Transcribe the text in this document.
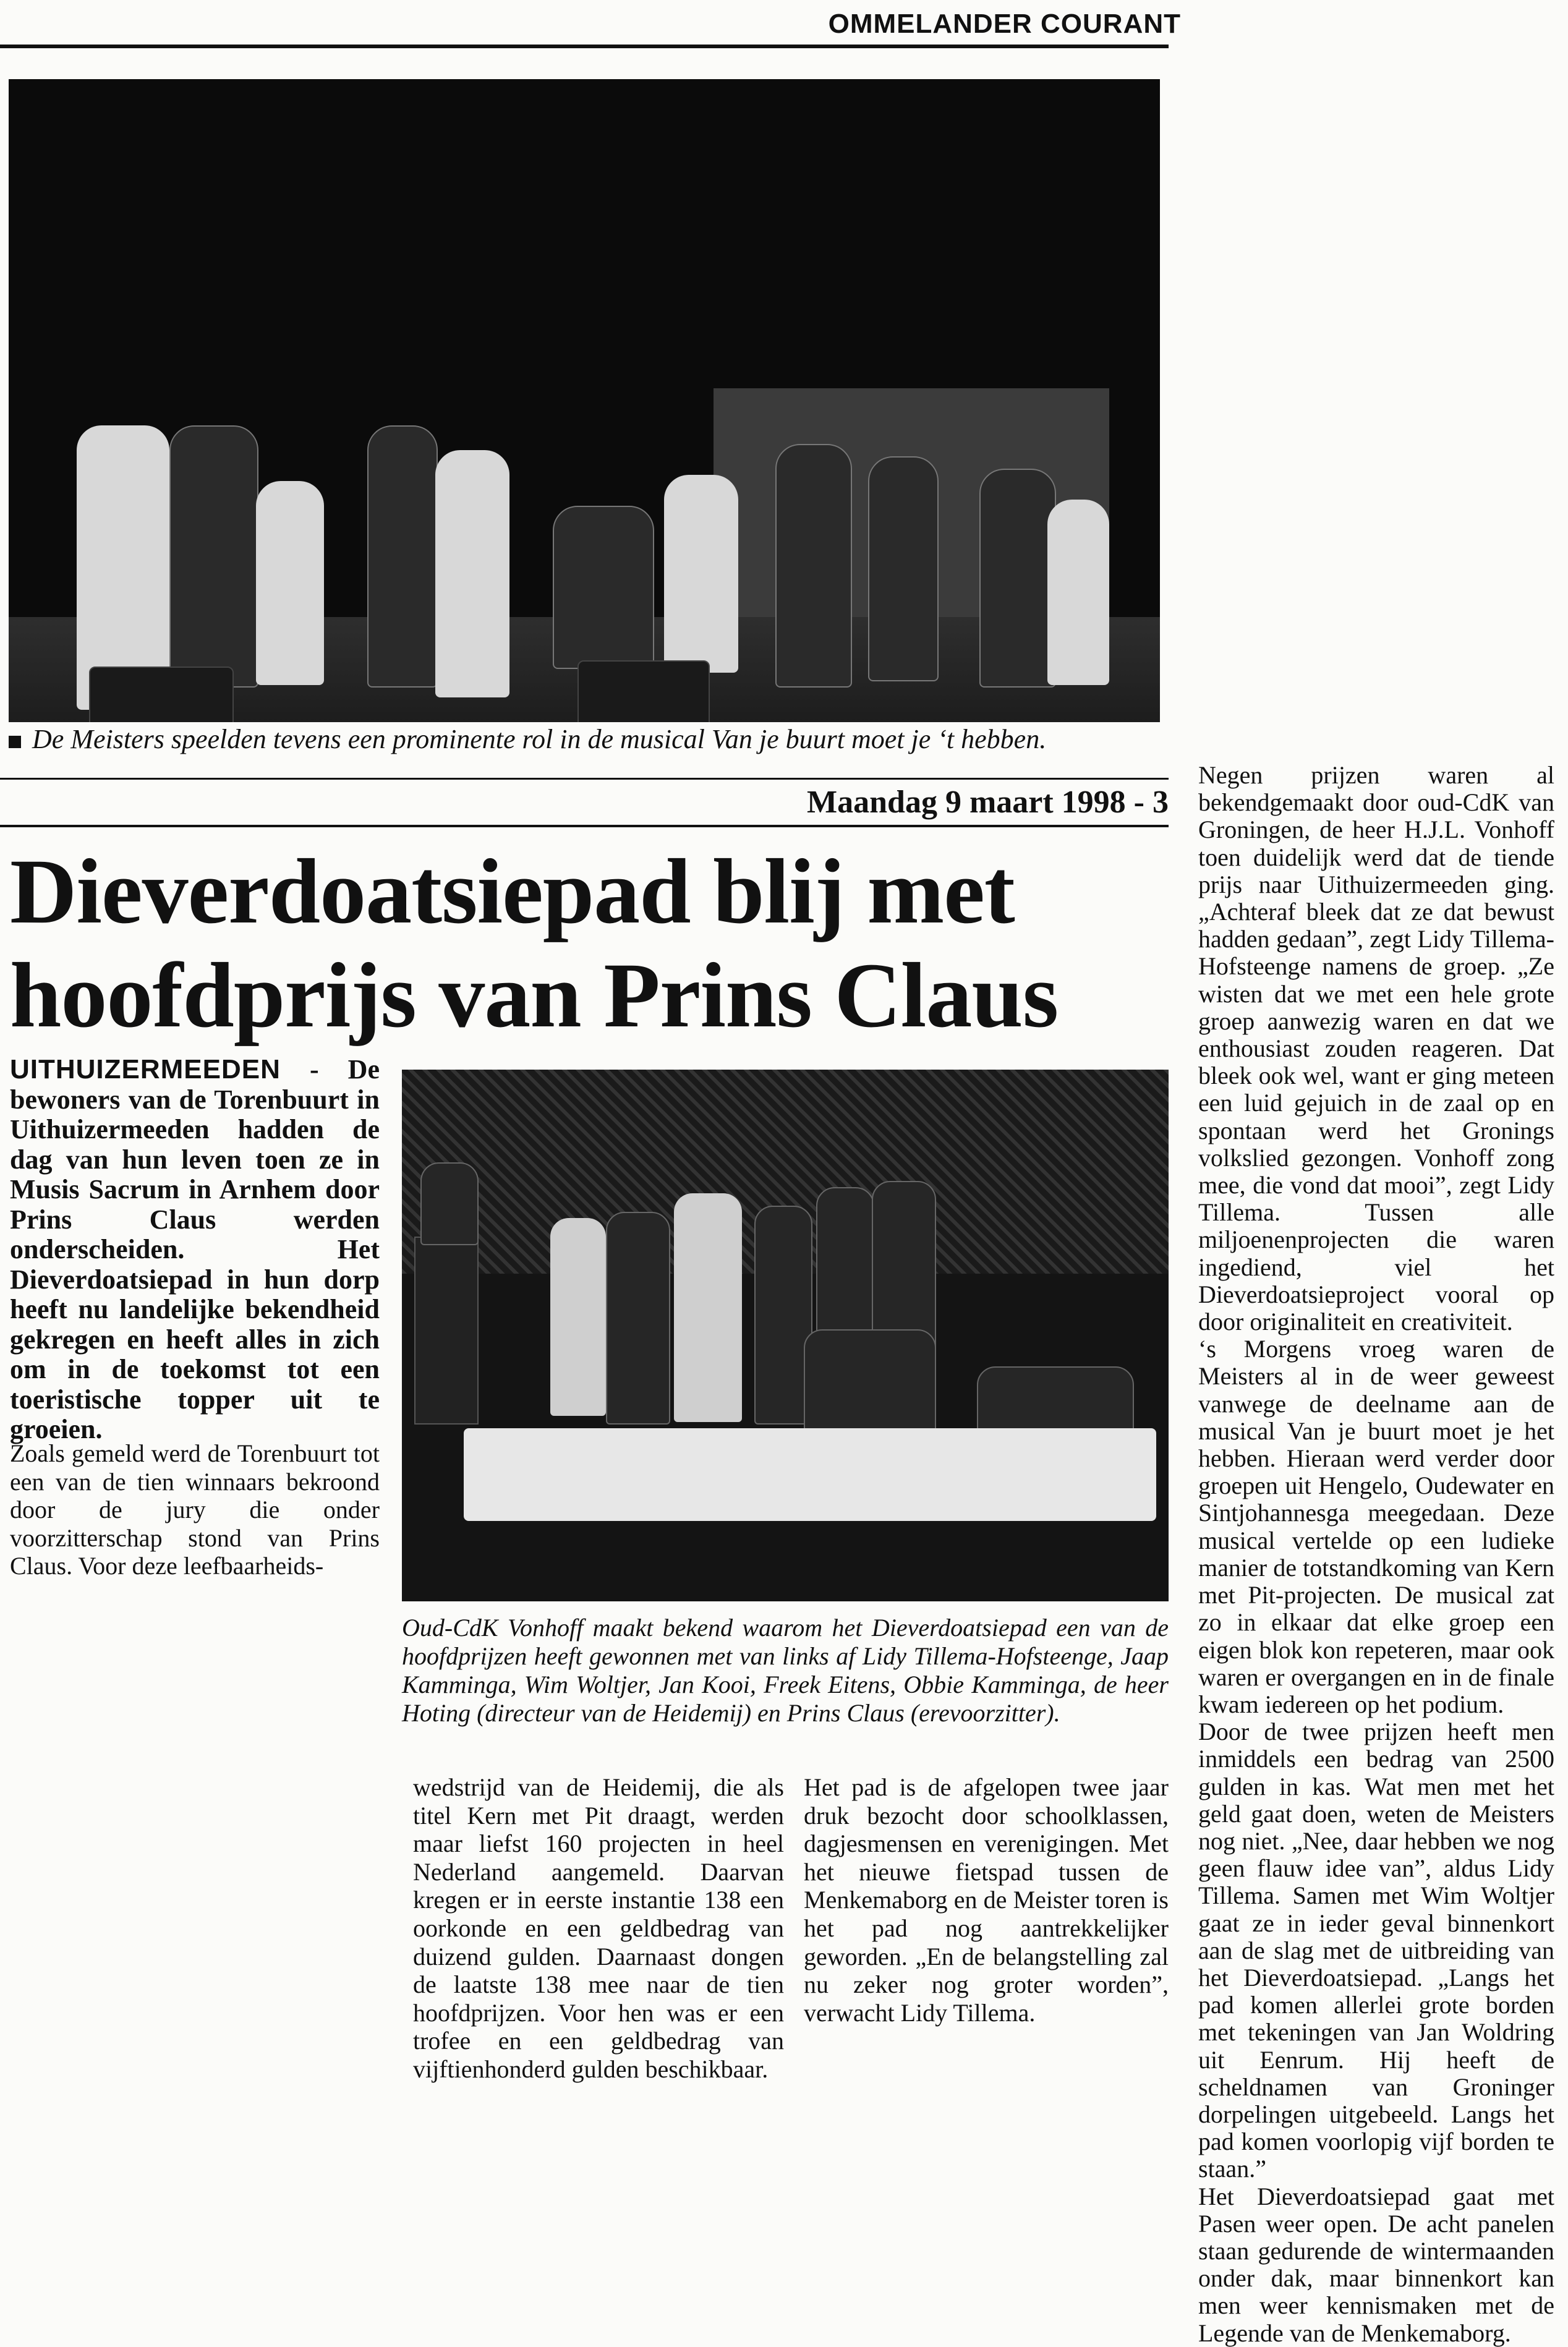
OMMELANDER COURANT
De Meisters speelden tevens een prominente rol in de musical Van je buurt moet je ‘t hebben.
Maandag 9 maart 1998 - 3
Dieverdoatsiepad blij met
hoofdprijs van Prins Claus
UITHUIZERMEEDEN - De bewoners van de Torenbuurt in Uithuizermeeden hadden de dag van hun leven toen ze in Musis Sacrum in Arnhem door Prins Claus werden onderscheiden. Het Dieverdoatsiepad in hun dorp heeft nu landelijke bekendheid gekregen en heeft alles in zich om in de toekomst tot een toeristische topper uit te groeien.

Zoals gemeld werd de Torenbuurt tot een van de tien winnaars bekroond door de jury die onder voorzitterschap stond van Prins Claus. Voor deze leefbaarheids-

Oud-CdK Vonhoff maakt bekend waarom het Dieverdoatsiepad een van de hoofdprijzen heeft gewonnen met van links af Lidy Tillema-Hofsteenge, Jaap Kamminga, Wim Woltjer, Jan Kooi, Freek Eitens, Obbie Kamminga, de heer Hoting (directeur van de Heidemij) en Prins Claus (erevoorzitter).

wedstrijd van de Heidemij, die als titel Kern met Pit draagt, werden maar liefst 160 projecten in heel Nederland aangemeld. Daarvan kregen er in eerste instantie 138 een oorkonde en een geldbedrag van duizend gulden. Daarnaast dongen de laatste 138 mee naar de tien hoofdprijzen. Voor hen was er een trofee en een geldbedrag van vijftienhonderd gulden beschikbaar.

Het pad is de afgelopen twee jaar druk bezocht door schoolklassen, dagjesmensen en verenigingen. Met het nieuwe fietspad tussen de Menkemaborg en de Meister toren is het pad nog aantrekkelijker geworden. „En de belangstelling zal nu zeker nog groter worden”, verwacht Lidy Tillema.

Negen prijzen waren al bekendgemaakt door oud-CdK van Groningen, de heer H.J.L. Vonhoff toen duidelijk werd dat de tiende prijs naar Uithuizermeeden ging. „Achteraf bleek dat ze dat bewust hadden gedaan”, zegt Lidy Tillema-Hofsteenge namens de groep. „Ze wisten dat we met een hele grote groep aanwezig waren en dat we enthousiast zouden reageren. Dat bleek ook wel, want er ging meteen een luid gejuich in de zaal op en spontaan werd het Gronings volkslied gezongen. Vonhoff zong mee, die vond dat mooi”, zegt Lidy Tillema. Tussen alle miljoenenprojecten die waren ingediend, viel het Dieverdoatsieproject vooral op door originaliteit en creativiteit.

‘s Morgens vroeg waren de Meisters al in de weer geweest vanwege de deelname aan de musical Van je buurt moet je het hebben. Hieraan werd verder door groepen uit Hengelo, Oudewater en Sintjohannesga meegedaan. Deze musical vertelde op een ludieke manier de totstandkoming van Kern met Pit-projecten. De musical zat zo in elkaar dat elke groep een eigen blok kon repeteren, maar ook waren er overgangen en in de finale kwam iedereen op het podium.

Door de twee prijzen heeft men inmiddels een bedrag van 2500 gulden in kas. Wat men met het geld gaat doen, weten de Meisters nog niet. „Nee, daar hebben we nog geen flauw idee van”, aldus Lidy Tillema. Samen met Wim Woltjer gaat ze in ieder geval binnenkort aan de slag met de uitbreiding van het Dieverdoatsiepad. „Langs het pad komen allerlei grote borden met tekeningen van Jan Woldring uit Eenrum. Hij heeft de scheldnamen van Groninger dorpelingen uitgebeeld. Langs het pad komen voorlopig vijf borden te staan.”

Het Dieverdoatsiepad gaat met Pasen weer open. De acht panelen staan gedurende de wintermaanden onder dak, maar binnenkort kan men weer kennismaken met de Legende van de Menkemaborg.
